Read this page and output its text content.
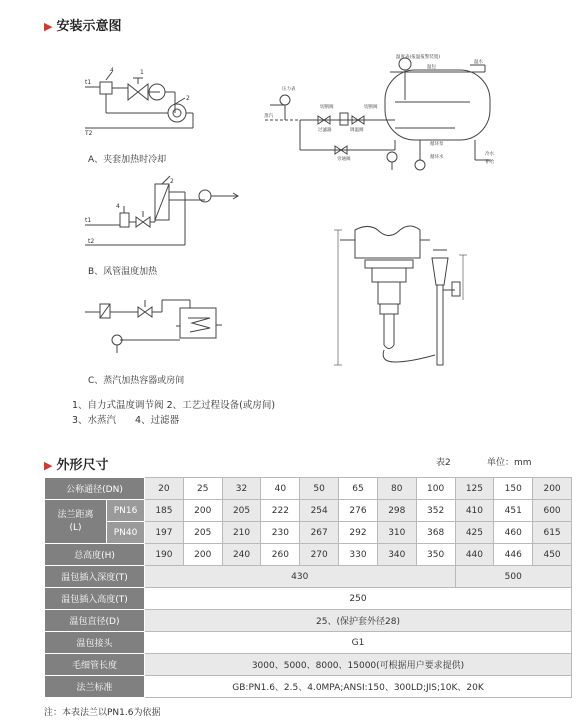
▶ 安装示意图
t1
4	1
2
T2
t1
4
2
t2
温度表(报温报警装置)
温包
温水
压力表
切断阀	切断阀
蒸汽
过滤器	调温阀
旁通阀
循环泵
循环水
冷水
补给
A、夹套加热时冷却
B、风管温度加热
C、蒸汽加热容器或房间
1、自力式温度调节阀 2、工艺过程设备(或房间)
3、水蒸汽　　4、过滤器
▶ 外形尺寸	表2	单位：mm
公称通径(DN)		20	25	32	40	50	65	80	100	125	150	200
法兰距离
(L)	PN16	185	200	205	222	254	276	298	352	410	451	600
	PN40	197	205	210	230	267	292	310	368	425	460	615
总高度(H)		190	200	240	260	270	330	340	350	440	446	450
温包插入深度(T)		430								500		
温包插入高度(T)		250										
温包直径(D)		25、(保护套外径28)										
温包接头		G1										
毛细管长度		3000、5000、8000、15000(可根据用户要求提供)										
法兰标准		GB:PN1.6、2.5、4.0MPA;ANSI:150、300LD;JIS;10K、20K										
注：本表法兰以PN1.6为依据
